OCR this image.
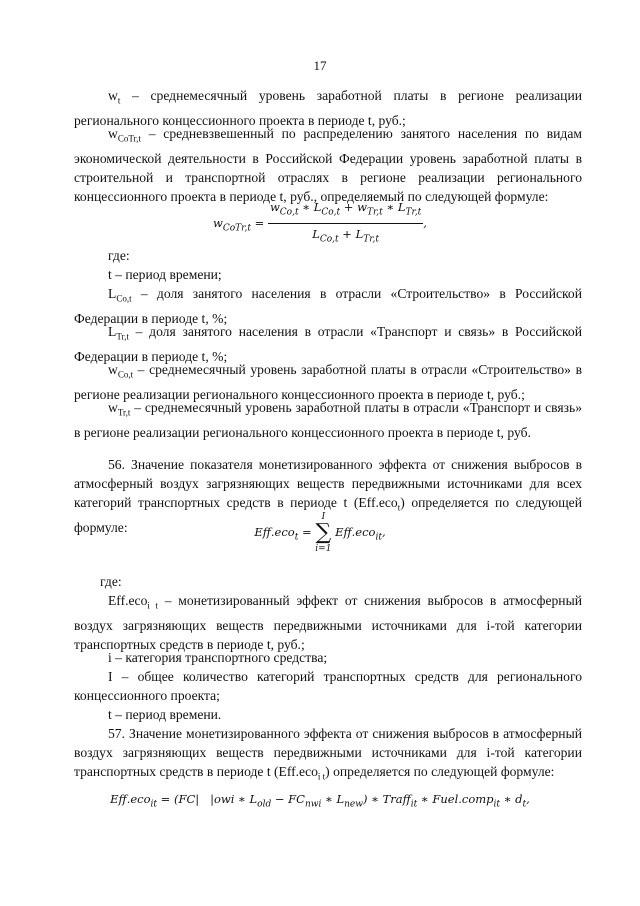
17

$w_t$ – среднемесячный уровень заработной платы в регионе реализации регионального концессионного проекта в периоде t, руб.;

$w_{CoTr,t}$ – средневзвешенный по распределению занятого населения по видам экономической деятельности в Российской Федерации уровень заработной платы в строительной и транспортной отраслях в регионе реализации регионального концессионного проекта в периоде t, руб., определяемый по следующей формуле:

$w_{CoTr,t} = \frac{w_{Co,t} ∗ L_{Co,t} + w_{Tr,t} ∗ L_{Tr,t}}{L_{Co,t} + L_{Tr,t}}$ ,

где:

t – период времени;

$L_{Co,t}$ – доля занятого населения в отрасли «Строительство» в Российской Федерации в периоде t, %;

$L_{Tr,t}$ – доля занятого населения в отрасли «Транспорт и связь» в Российской Федерации в периоде t, %;

$w_{Co,t}$ – среднемесячный уровень заработной платы в отрасли «Строительство» в регионе реализации регионального концессионного проекта в периоде t, руб.;

$w_{Tr,t}$ – среднемесячный уровень заработной платы в отрасли «Транспорт и связь» в регионе реализации регионального концессионного проекта в периоде t, руб.

56. Значение показателя монетизированного эффекта от снижения выбросов в атмосферный воздух загрязняющих веществ передвижными источниками для всех категорий транспортных средств в периоде t (Eff.eco$_t$) определяется по следующей формуле:	Eff.eco$_t$ =
I
∑
i=1
Eff.eco$_{it}$,

где:

Eff.eco$_{i t}$ – монетизированный эффект от снижения выбросов в атмосферный воздух загрязняющих веществ передвижными источниками для i-той категории транспортных средств в периоде t, руб.;

i – категория транспортного средства;

I – общее количество категорий транспортных средств для регионального концессионного проекта;

t – период времени.

57. Значение монетизированного эффекта от снижения выбросов в атмосферный воздух загрязняющих веществ передвижными источниками для i-той категории транспортных средств в периоде t (Eff.eco$_{i t}$) определяется по следующей формуле:

Eff.eco$_{it}$ = (FC|   |owi ∗ $L_{old} - FC_{nwi}$ ∗ $L_{new}$) ∗ Traff$_{it}$ ∗ Fuel.comp$_{it}$ ∗ $d_t$,
